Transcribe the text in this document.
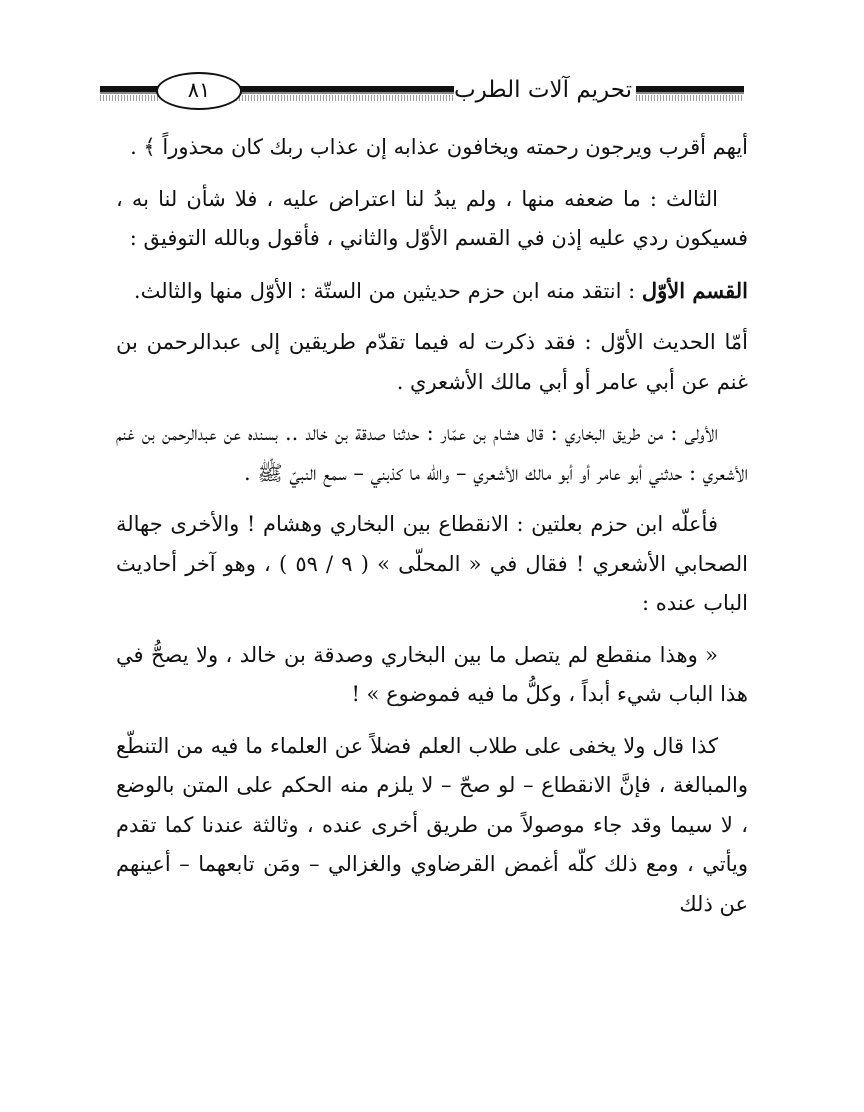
٨١	تحريم آلات الطرب

أيهم أقرب ويرجون رحمته ويخافون عذابه إن عذاب ربك كان محذوراً ﴾ .

الثالث : ما ضعفه منها ، ولم يبدُ لنا اعتراض عليه ، فلا شأن لنا به ، فسيكون ردي عليه إذن في القسم الأوّل والثاني ، فأقول وبالله التوفيق :

القسم الأوّل : انتقد منه ابن حزم حديثين من الستّة : الأوّل منها والثالث.

أمّا الحديث الأوّل : فقد ذكرت له فيما تقدّم طريقين إلى عبدالرحمن بن غنم عن أبي عامر أو أبي مالك الأشعري .

الأولى : من طريق البخاري : قال هشام بن عمّار : حدثنا صدقة بن خالد .. بسنده عن عبدالرحمن بن غنم الأشعري : حدثني أبو عامر أو أبو مالك الأشعري – والله ما كذبني – سمع النبيّ ﷺ .

فأعلّه ابن حزم بعلتين : الانقطاع بين البخاري وهشام ! والأخرى جهالة الصحابي الأشعري ! فقال في « المحلّى » ( ٩ / ٥٩ ) ، وهو آخر أحاديث الباب عنده :

« وهذا منقطع لم يتصل ما بين البخاري وصدقة بن خالد ، ولا يصحُّ في هذا الباب شيء أبداً ، وكلُّ ما فيه فموضوع » !

كذا قال ولا يخفى على طلاب العلم فضلاً عن العلماء ما فيه من التنطّع والمبالغة ، فإنَّ الانقطاع – لو صحّ – لا يلزم منه الحكم على المتن بالوضع ، لا سيما وقد جاء موصولاً من طريق أخرى عنده ، وثالثة عندنا كما تقدم ويأتي ، ومع ذلك كلّه أغمض القرضاوي والغزالي – ومَن تابعهما – أعينهم عن ذلك
